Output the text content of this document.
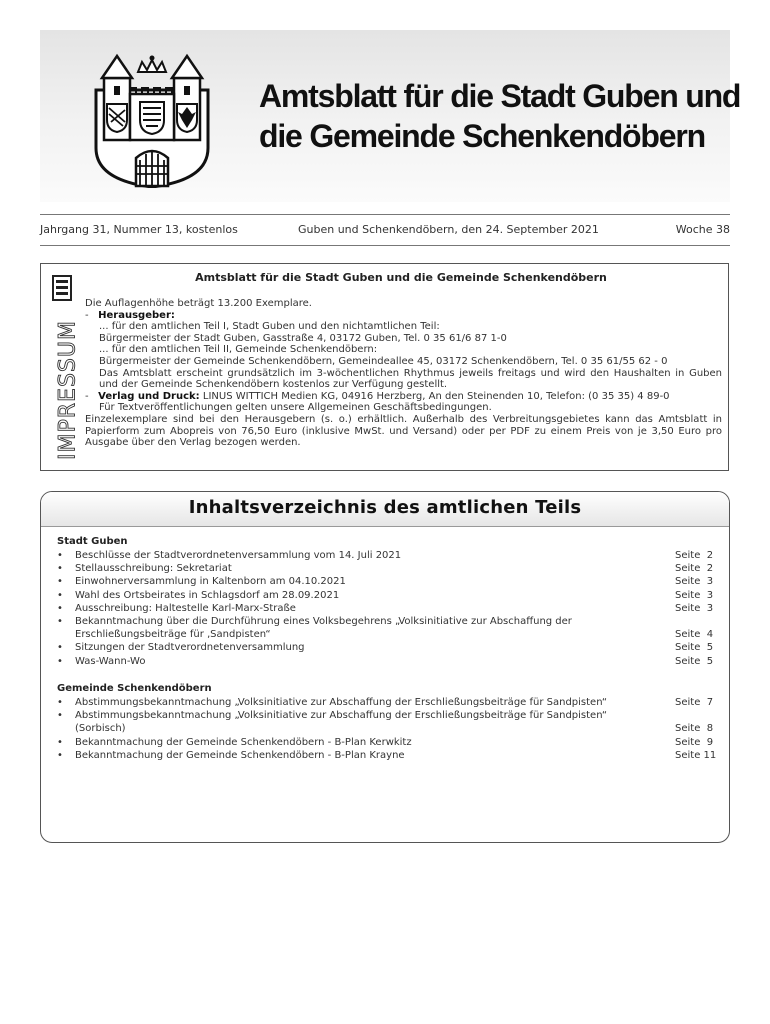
Amtsblatt für die Stadt Guben und
die Gemeinde Schenkendöbern
Jahrgang 31, Nummer 13, kostenlos	Guben und Schenkendöbern, den 24. September 2021	Woche 38
IMPRESSUM
Amtsblatt für die Stadt Guben und die Gemeinde Schenkendöbern
Die Auflagenhöhe beträgt 13.200 Exemplare.
-   Herausgeber:
... für den amtlichen Teil I, Stadt Guben und den nichtamtlichen Teil:
Bürgermeister der Stadt Guben, Gasstraße 4, 03172 Guben, Tel. 0 35 61/6 87 1-0
... für den amtlichen Teil II, Gemeinde Schenkendöbern:
Bürgermeister der Gemeinde Schenkendöbern, Gemeindeallee 45, 03172 Schenkendöbern, Tel. 0 35 61/55 62 - 0
Das Amtsblatt erscheint grundsätzlich im 3-wöchentlichen Rhythmus jeweils freitags und wird den Haushalten in Guben und der Gemeinde Schenkendöbern kostenlos zur Verfügung gestellt.
-   Verlag und Druck: LINUS WITTICH Medien KG, 04916 Herzberg, An den Steinenden 10, Telefon: (0 35 35) 4 89-0
Für Textveröffentlichungen gelten unsere Allgemeinen Geschäftsbedingungen.
Einzelexemplare sind bei den Herausgebern (s. o.) erhältlich. Außerhalb des Verbreitungsgebietes kann das Amtsblatt in Papierform zum Abopreis von 76,50 Euro (inklusive MwSt. und Versand) oder per PDF zu einem Preis von je 3,50 Euro pro Ausgabe über den Verlag bezogen werden.
Inhaltsverzeichnis des amtlichen Teils
Stadt Guben
•	Beschlüsse der Stadtverordnetenversammlung vom 14. Juli 2021	Seite  2
•	Stellausschreibung: Sekretariat	Seite  2
•	Einwohnerversammlung in Kaltenborn am 04.10.2021	Seite  3
•	Wahl des Ortsbeirates in Schlagsdorf am 28.09.2021	Seite  3
•	Ausschreibung: Haltestelle Karl-Marx-Straße	Seite  3
•	Bekanntmachung über die Durchführung eines Volksbegehrens „Volksinitiative zur Abschaffung der Erschließungsbeiträge für ‚Sandpisten“	Seite  4
•	Sitzungen der Stadtverordnetenversammlung	Seite  5
•	Was-Wann-Wo	Seite  5
Gemeinde Schenkendöbern
•	Abstimmungsbekanntmachung „Volksinitiative zur Abschaffung der Erschließungsbeiträge für Sandpisten“	Seite  7
•	Abstimmungsbekanntmachung „Volksinitiative zur Abschaffung der Erschließungsbeiträge für Sandpisten“ (Sorbisch)	Seite  8
•	Bekanntmachung der Gemeinde Schenkendöbern - B-Plan Kerwkitz	Seite  9
•	Bekanntmachung der Gemeinde Schenkendöbern - B-Plan Krayne	Seite 11
